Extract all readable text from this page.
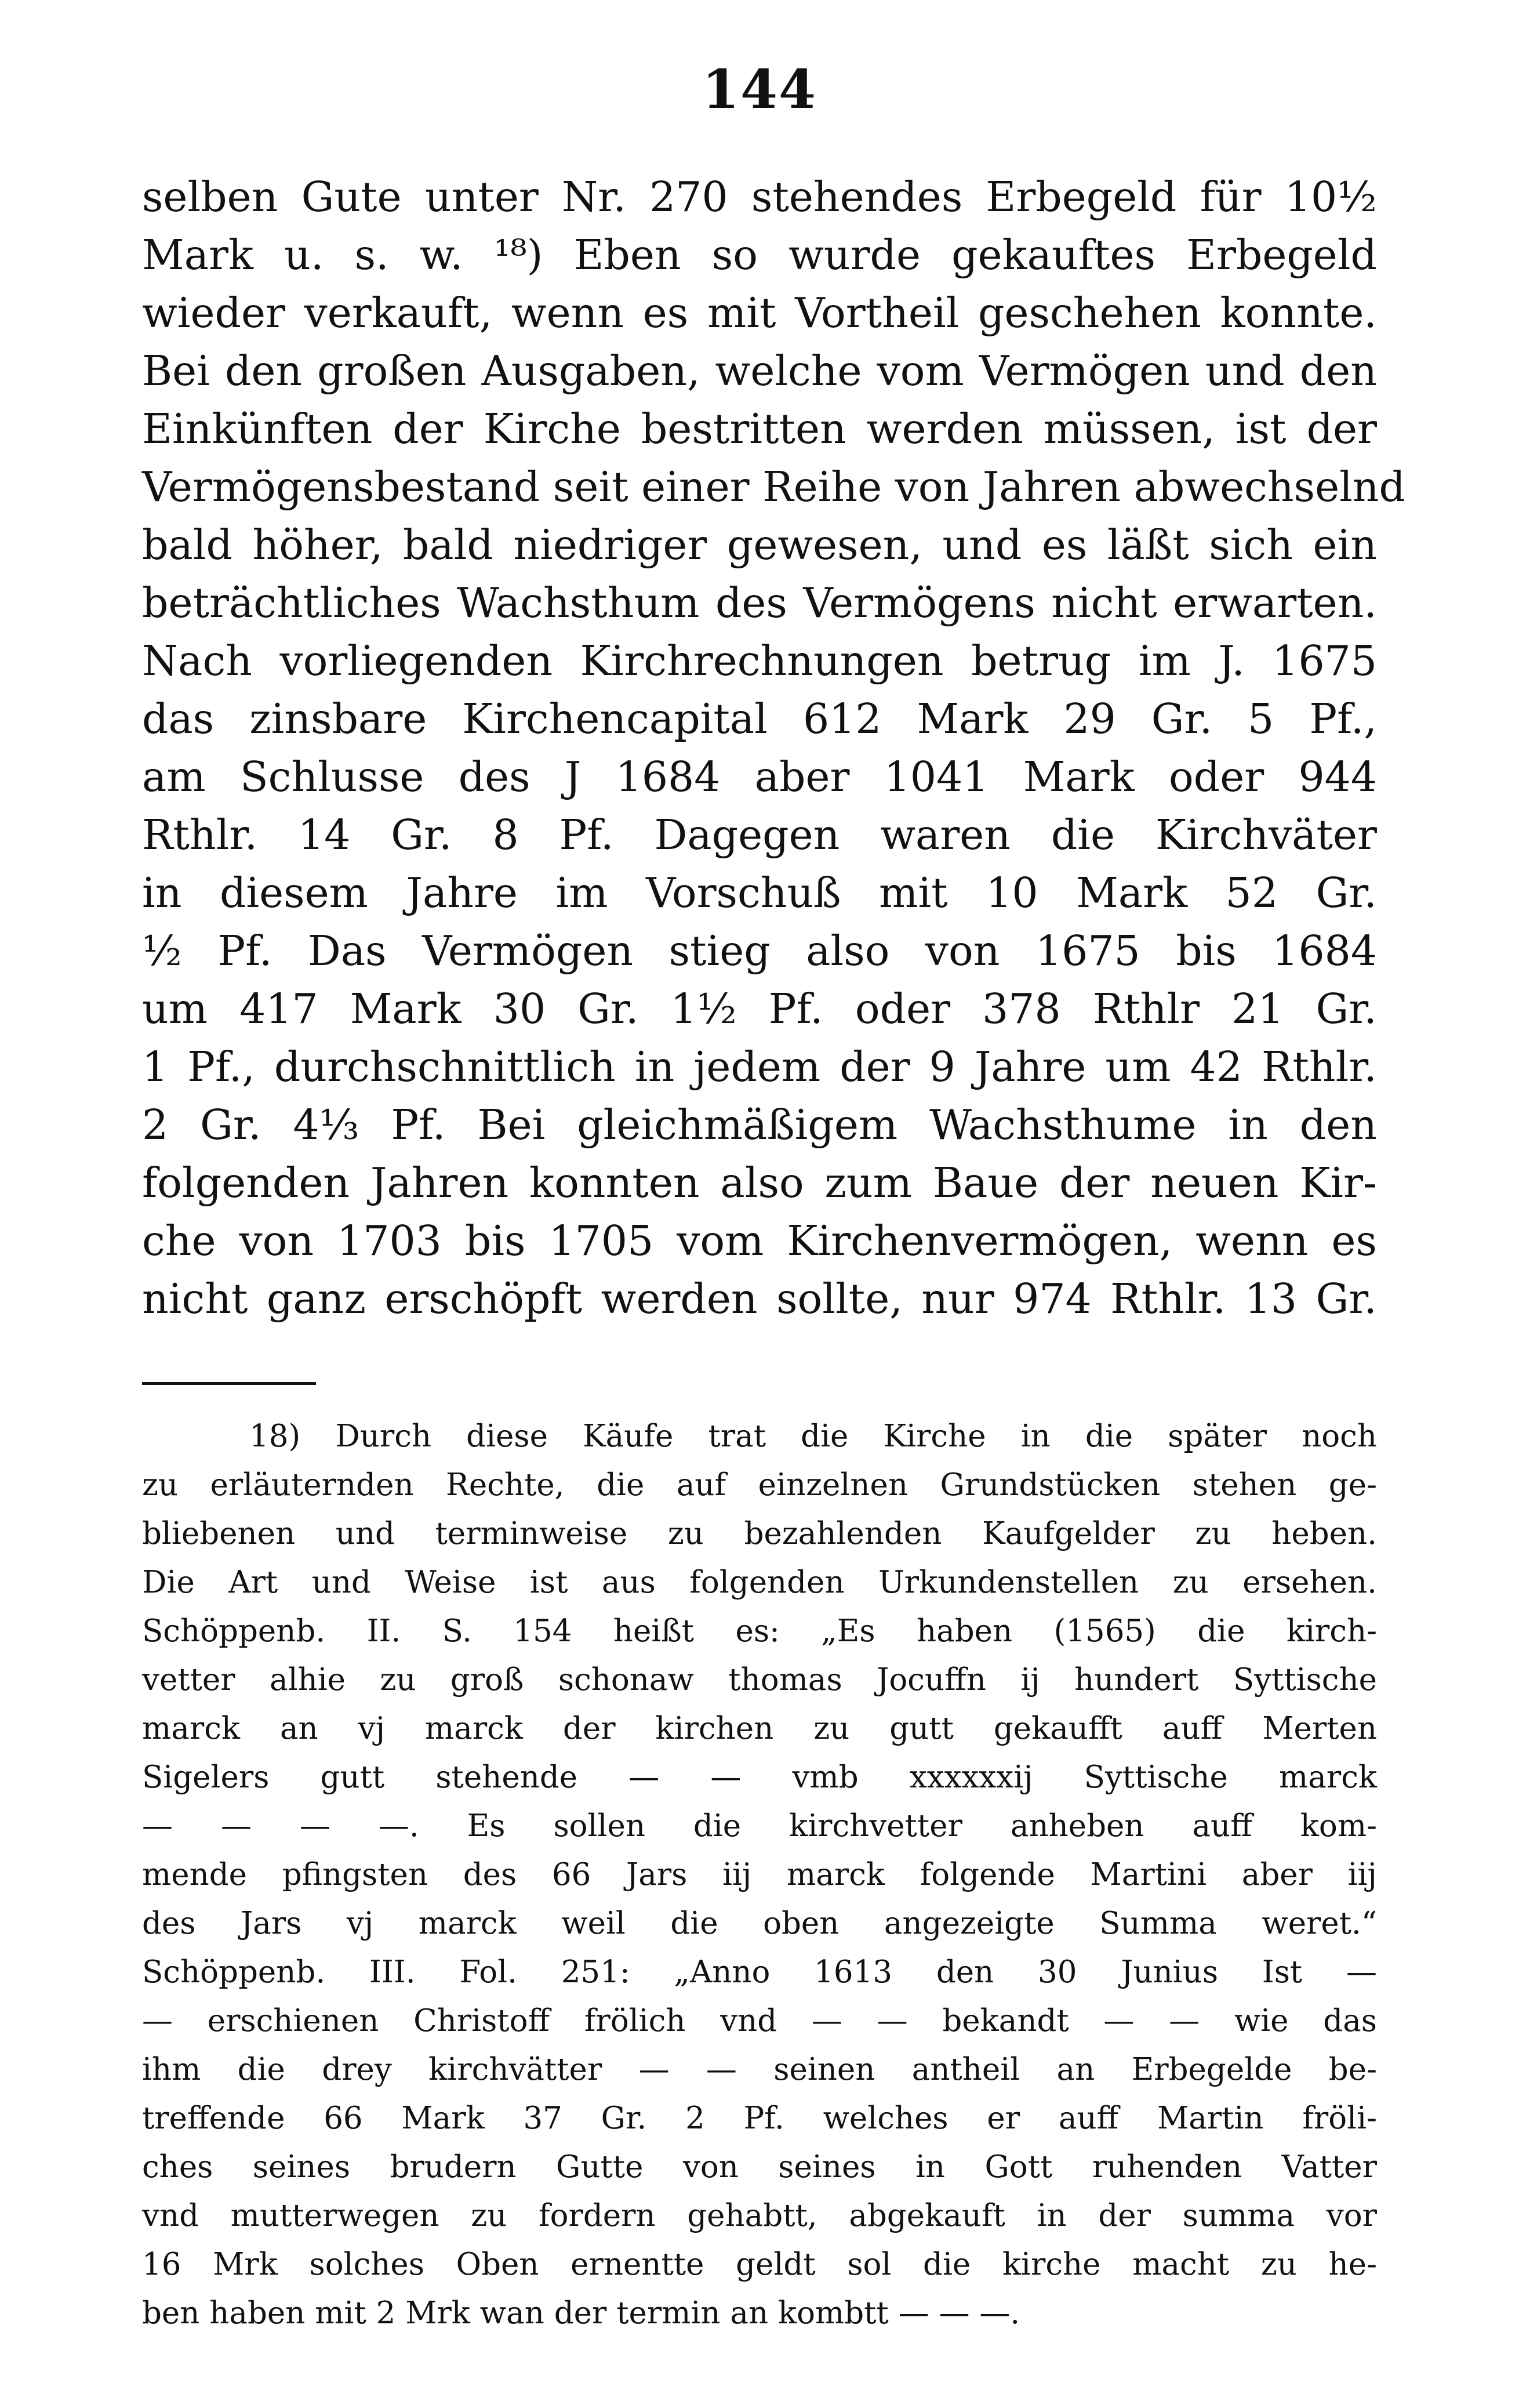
144
selben Gute unter Nr. 270 stehendes Erbegeld für 10½
Mark u. s. w. ¹⁸) Eben so wurde gekauftes Erbegeld
wieder verkauft, wenn es mit Vortheil geschehen konnte.
Bei den großen Ausgaben, welche vom Vermögen und den
Einkünften der Kirche bestritten werden müssen, ist der
Vermögensbestand seit einer Reihe von Jahren abwechselnd
bald höher, bald niedriger gewesen, und es läßt sich ein
beträchtliches Wachsthum des Vermögens nicht erwarten.
Nach vorliegenden Kirchrechnungen betrug im J. 1675
das zinsbare Kirchencapital 612 Mark 29 Gr. 5 Pf.,
am Schlusse des J 1684 aber 1041 Mark oder 944
Rthlr. 14 Gr. 8 Pf. Dagegen waren die Kirchväter
in diesem Jahre im Vorschuß mit 10 Mark 52 Gr.
½ Pf. Das Vermögen stieg also von 1675 bis 1684
um 417 Mark 30 Gr. 1½ Pf. oder 378 Rthlr 21 Gr.
1 Pf., durchschnittlich in jedem der 9 Jahre um 42 Rthlr.
2 Gr. 4⅓ Pf. Bei gleichmäßigem Wachsthume in den
folgenden Jahren konnten also zum Baue der neuen Kir-
che von 1703 bis 1705 vom Kirchenvermögen, wenn es
nicht ganz erschöpft werden sollte, nur 974 Rthlr. 13 Gr.
18) Durch diese Käufe trat die Kirche in die später noch
zu erläuternden Rechte, die auf einzelnen Grundstücken stehen ge-
bliebenen und terminweise zu bezahlenden Kaufgelder zu heben.
Die Art und Weise ist aus folgenden Urkundenstellen zu ersehen.
Schöppenb. II. S. 154 heißt es: „Es haben (1565) die kirch-
vetter alhie zu groß schonaw thomas Jocuffn ij hundert Syttische
marck an vj marck der kirchen zu gutt gekaufft auff Merten
Sigelers gutt stehende — — vmb xxxxxxij Syttische marck
— — — —. Es sollen die kirchvetter anheben auff kom-
mende pfingsten des 66 Jars iij marck folgende Martini aber iij
des Jars vj marck weil die oben angezeigte Summa weret.“
Schöppenb. III. Fol. 251: „Anno 1613 den 30 Junius Ist —
— erschienen Christoff frölich vnd — — bekandt — — wie das
ihm die drey kirchvätter — — seinen antheil an Erbegelde be-
treffende 66 Mark 37 Gr. 2 Pf. welches er auff Martin fröli-
ches seines brudern Gutte von seines in Gott ruhenden Vatter
vnd mutterwegen zu fordern gehabtt, abgekauft in der summa vor
16 Mrk solches Oben ernentte geldt sol die kirche macht zu he-
ben haben mit 2 Mrk wan der termin an kombtt — — —.
